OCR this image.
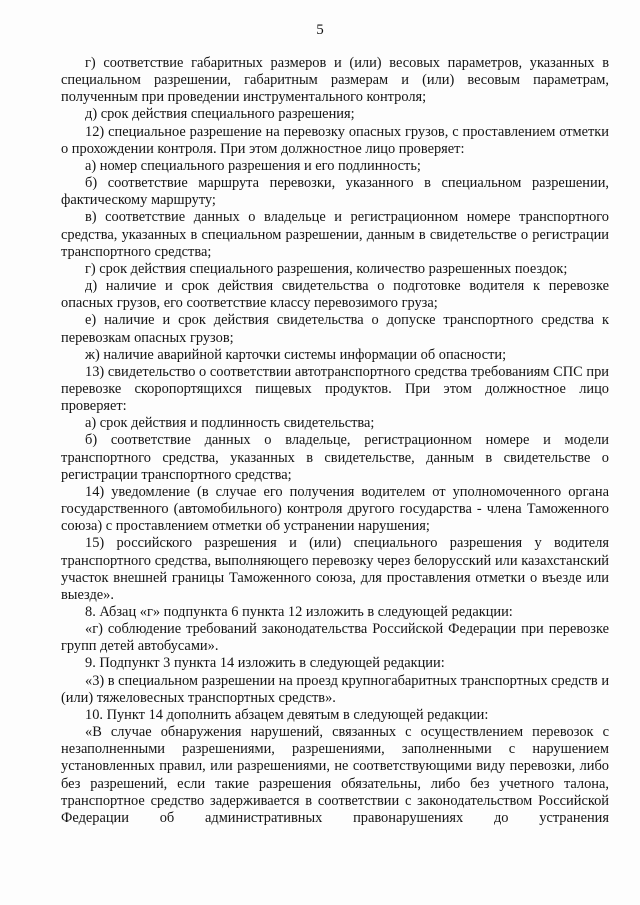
5

г) соответствие габаритных размеров и (или) весовых параметров, указанных в специальном разрешении, габаритным размерам и (или) весовым параметрам, полученным при проведении инструментального контроля;

д) срок действия специального разрешения;

12) специальное разрешение на перевозку опасных грузов, с проставлением отметки о прохождении контроля. При этом должностное лицо проверяет:

а) номер специального разрешения и его подлинность;

б) соответствие маршрута перевозки, указанного в специальном разрешении, фактическому маршруту;

в) соответствие данных о владельце и регистрационном номере транспортного средства, указанных в специальном разрешении, данным в свидетельстве о регистрации транспортного средства;

г) срок действия специального разрешения, количество разрешенных поездок;

д) наличие и срок действия свидетельства о подготовке водителя к перевозке опасных грузов, его соответствие классу перевозимого груза;

е) наличие и срок действия свидетельства о допуске транспортного средства к перевозкам опасных грузов;

ж) наличие аварийной карточки системы информации об опасности;

13) свидетельство о соответствии автотранспортного средства требованиям СПС при перевозке скоропортящихся пищевых продуктов. При этом должностное лицо проверяет:

а) срок действия и подлинность свидетельства;

б) соответствие данных о владельце, регистрационном номере и модели транспортного средства, указанных в свидетельстве, данным в свидетельстве о регистрации транспортного средства;

14) уведомление (в случае его получения водителем от уполномоченного органа государственного (автомобильного) контроля другого государства - члена Таможенного союза) с проставлением отметки об устранении нарушения;

15) российского разрешения и (или) специального разрешения у водителя транспортного средства, выполняющего перевозку через белорусский или казахстанский участок внешней границы Таможенного союза, для проставления отметки о въезде или выезде».

8. Абзац «г» подпункта 6 пункта 12 изложить в следующей редакции:

«г) соблюдение требований законодательства Российской Федерации при перевозке групп детей автобусами».

9. Подпункт 3 пункта 14 изложить в следующей редакции:

«3) в специальном разрешении на проезд крупногабаритных транспортных средств и (или) тяжеловесных транспортных средств».

10. Пункт 14 дополнить абзацем девятым в следующей редакции:

«В случае обнаружения нарушений, связанных с осуществлением перевозок с незаполненными разрешениями, разрешениями, заполненными с нарушением установленных правил, или разрешениями, не соответствующими виду перевозки, либо без разрешений, если такие разрешения обязательны, либо без учетного талона, транспортное средство задерживается в соответствии с законодательством Российской Федерации об административных правонарушениях до устранения
